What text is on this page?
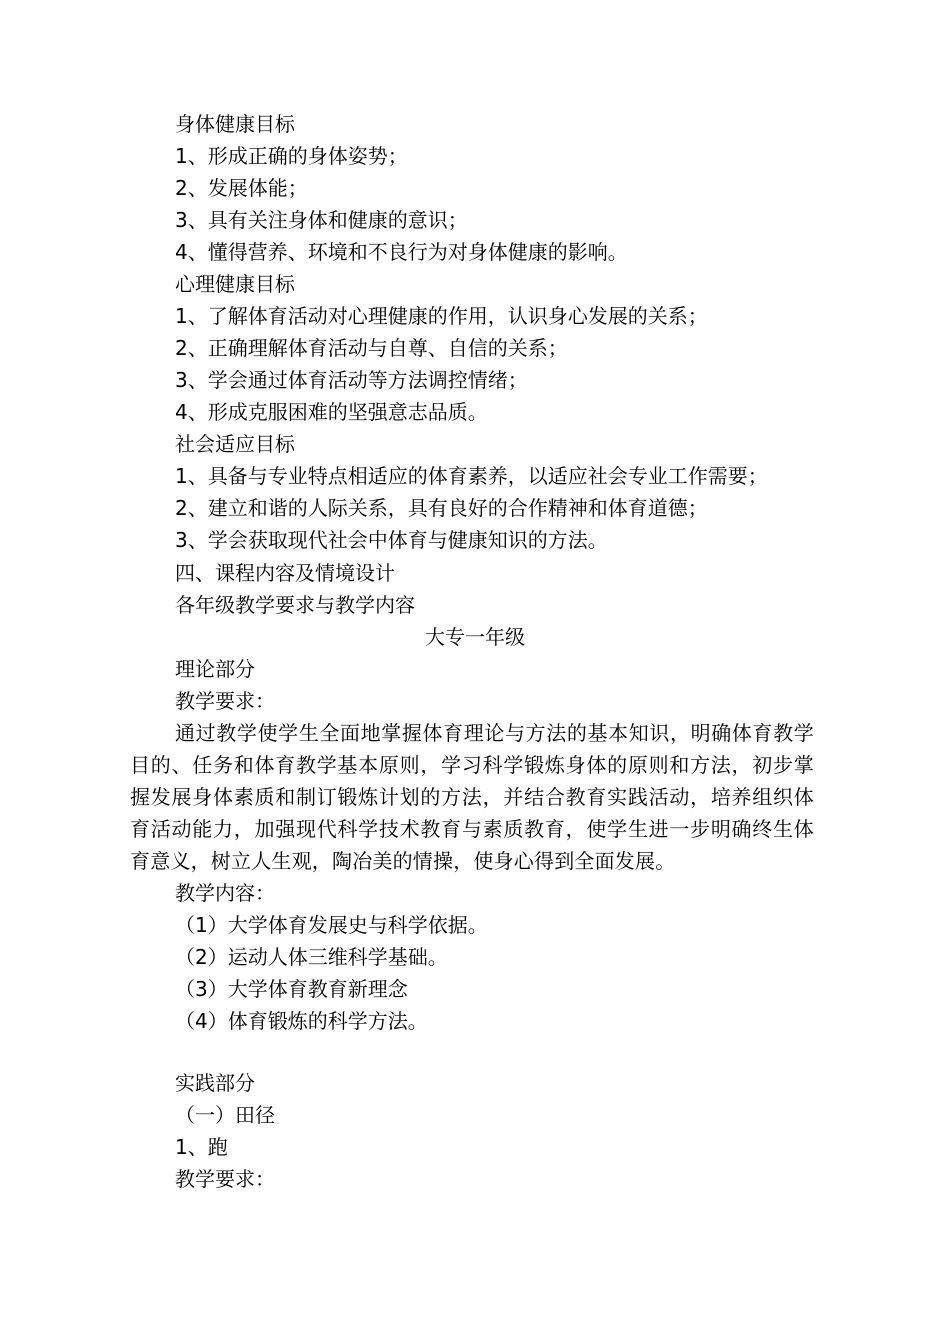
身体健康目标
1、形成正确的身体姿势；
2、发展体能；
3、具有关注身体和健康的意识；
4、懂得营养、环境和不良行为对身体健康的影响。
心理健康目标
1、了解体育活动对心理健康的作用，认识身心发展的关系；
2、正确理解体育活动与自尊、自信的关系；
3、学会通过体育活动等方法调控情绪；
4、形成克服困难的坚强意志品质。
社会适应目标
1、具备与专业特点相适应的体育素养，以适应社会专业工作需要；
2、建立和谐的人际关系，具有良好的合作精神和体育道德；
3、学会获取现代社会中体育与健康知识的方法。
四、课程内容及情境设计
各年级教学要求与教学内容
大专一年级
理论部分
教学要求：
通过教学使学生全面地掌握体育理论与方法的基本知识，明确体育教学目的、任务和体育教学基本原则，学习科学锻炼身体的原则和方法，初步掌握发展身体素质和制订锻炼计划的方法，并结合教育实践活动，培养组织体育活动能力，加强现代科学技术教育与素质教育，使学生进一步明确终生体育意义，树立人生观，陶冶美的情操，使身心得到全面发展。
教学内容：
（1）大学体育发展史与科学依据。
（2）运动人体三维科学基础。
（3）大学体育教育新理念
（4）体育锻炼的科学方法。
实践部分
（一）田径
1、跑
教学要求：
